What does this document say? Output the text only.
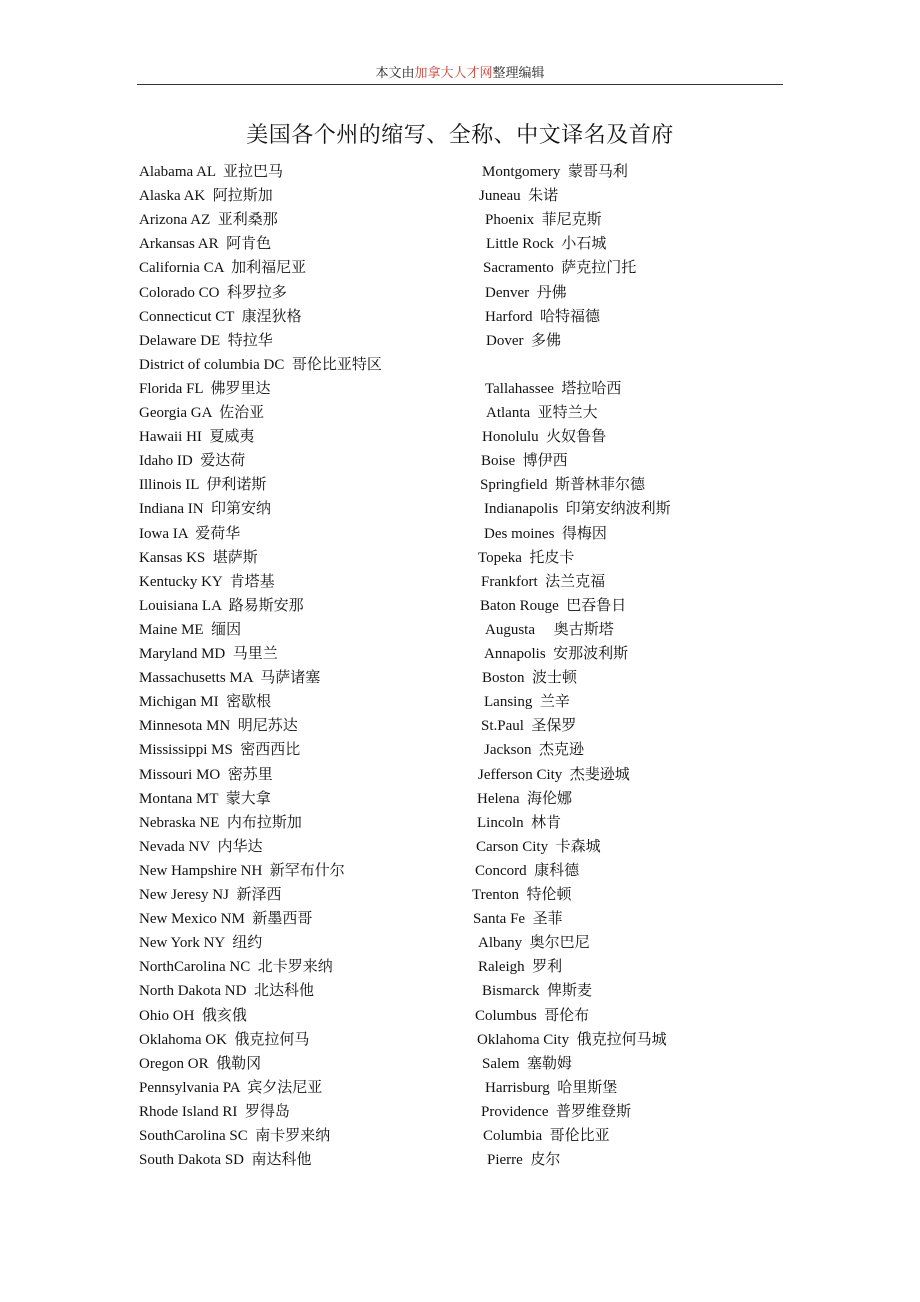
本文由加拿大人才网整理编辑
美国各个州的缩写、全称、中文译名及首府
Alabama AL  亚拉巴马	Montgomery  蒙哥马利
Alaska AK  阿拉斯加	Juneau  朱诺
Arizona AZ  亚利桑那	Phoenix  菲尼克斯
Arkansas AR  阿肯色	Little Rock  小石城
California CA  加利福尼亚	Sacramento  萨克拉门托
Colorado CO  科罗拉多	Denver  丹佛
Connecticut CT  康涅狄格	Harford  哈特福德
Delaware DE  特拉华	Dover  多佛
District of columbia DC  哥伦比亚特区
Florida FL  佛罗里达	Tallahassee  塔拉哈西
Georgia GA  佐治亚	Atlanta  亚特兰大
Hawaii HI  夏威夷	Honolulu  火奴鲁鲁
Idaho ID  爱达荷	Boise  博伊西
Illinois IL  伊利诺斯	Springfield  斯普林菲尔德
Indiana IN  印第安纳	Indianapolis  印第安纳波利斯
Iowa IA  爱荷华	Des moines  得梅因
Kansas KS  堪萨斯	Topeka  托皮卡
Kentucky KY  肯塔基	Frankfort  法兰克福
Louisiana LA  路易斯安那	Baton Rouge  巴吞鲁日
Maine ME  缅因	Augusta     奥古斯塔
Maryland MD  马里兰	Annapolis  安那波利斯
Massachusetts MA  马萨诸塞	Boston  波士顿
Michigan MI  密歇根	Lansing  兰辛
Minnesota MN  明尼苏达	St.Paul  圣保罗
Mississippi MS  密西西比	Jackson  杰克逊
Missouri MO  密苏里	Jefferson City  杰斐逊城
Montana MT  蒙大拿	Helena  海伦娜
Nebraska NE  内布拉斯加	Lincoln  林肯
Nevada NV  内华达	Carson City  卡森城
New Hampshire NH  新罕布什尔	Concord  康科德
New Jeresy NJ  新泽西	Trenton  特伦顿
New Mexico NM  新墨西哥	Santa Fe  圣菲
New York NY  纽约	Albany  奥尔巴尼
NorthCarolina NC  北卡罗来纳	Raleigh  罗利
North Dakota ND  北达科他	Bismarck  俾斯麦
Ohio OH  俄亥俄	Columbus  哥伦布
Oklahoma OK  俄克拉何马	Oklahoma City  俄克拉何马城
Oregon OR  俄勒冈	Salem  塞勒姆
Pennsylvania PA  宾夕法尼亚	Harrisburg  哈里斯堡
Rhode Island RI  罗得岛	Providence  普罗维登斯
SouthCarolina SC  南卡罗来纳	Columbia  哥伦比亚
South Dakota SD  南达科他	Pierre  皮尔
